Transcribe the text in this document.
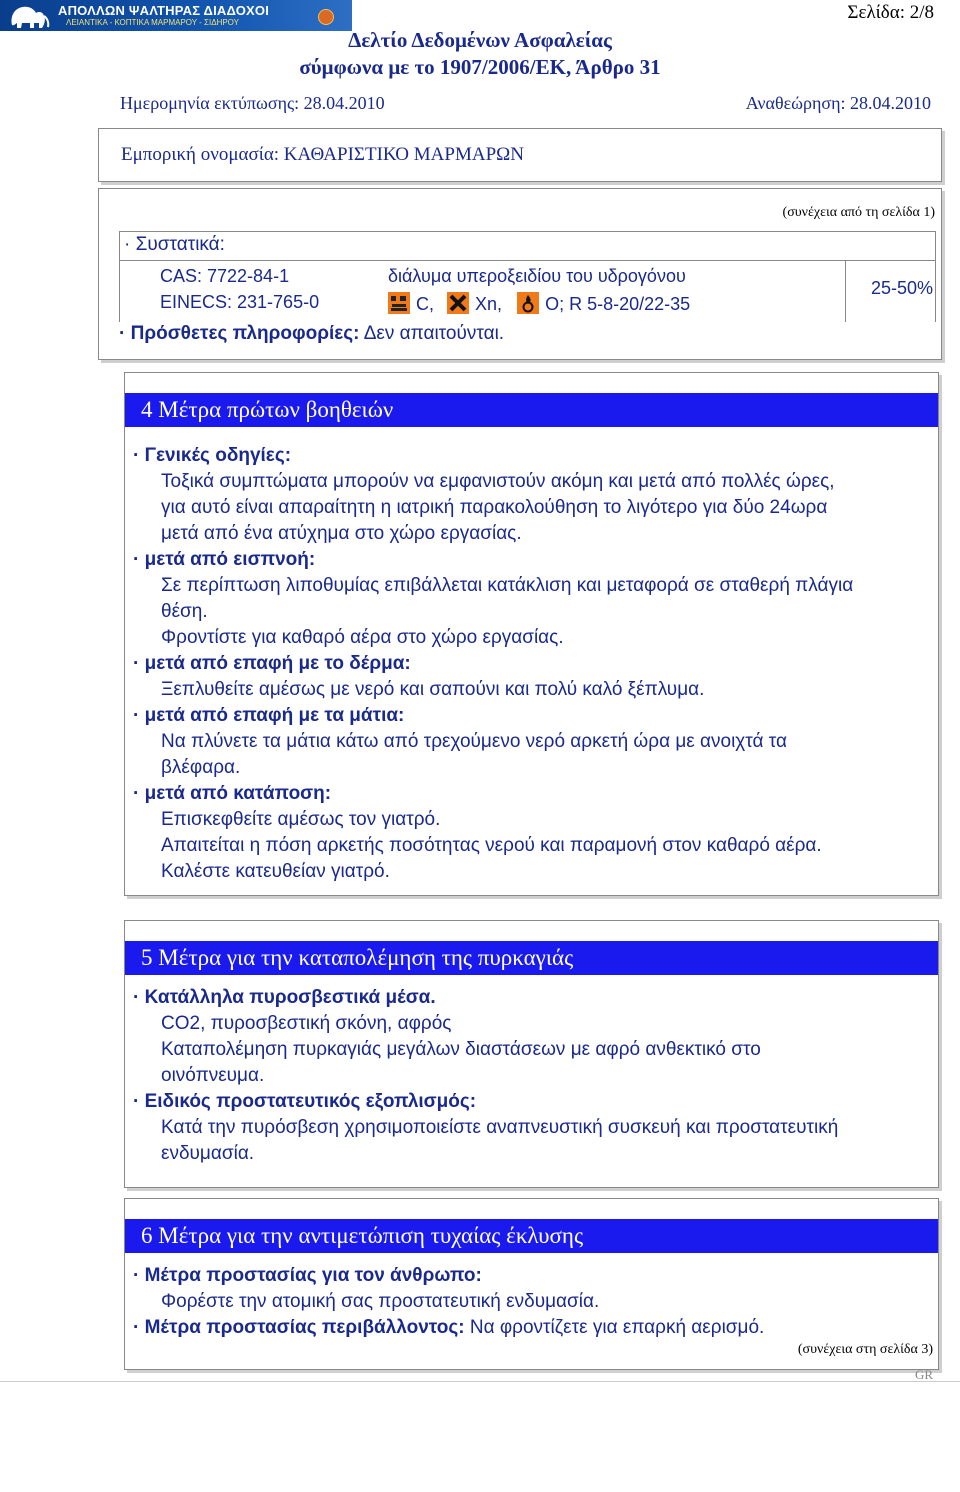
ΑΠΟΛΛΩΝ ΨΑΛΤΗΡΑΣ ΔΙΑΔΟΧΟΙ
ΛΕΙΑΝΤΙΚΑ - ΚΟΠΤΙΚΑ ΜΑΡΜΑΡΟΥ - ΣΙΔΗΡΟΥ	Σελίδα: 2/8
Δελτίο Δεδομένων Ασφαλείας
σύμφωνα με το 1907/2006/ΕΚ, Άρθρο 31
Ημερομηνία εκτύπωσης: 28.04.2010	Αναθεώρηση: 28.04.2010
Εμπορική ονομασία: ΚΑΘΑΡΙΣΤΙΚΟ ΜΑΡΜΑΡΩΝ
(συνέχεια από τη σελίδα 1)
· Συστατικά:
CAS: 7722-84-1
EINECS: 231-765-0
διάλυμα υπεροξειδίου του υδρογόνου
C, Xn, O; R 5-8-20/22-35
25-50%
· Πρόσθετες πληροφορίες: Δεν απαιτούνται.
4 Μέτρα πρώτων βοηθειών
· Γενικές οδηγίες:
Τοξικά συμπτώματα μπορούν να εμφανιστούν ακόμη και μετά από πολλές ώρες,
για αυτό είναι απαραίτητη η ιατρική παρακολούθηση το λιγότερο για δύο 24ωρα
μετά από ένα ατύχημα στο χώρο εργασίας.
· μετά από εισπνοή:
Σε περίπτωση λιποθυμίας επιβάλλεται κατάκλιση και μεταφορά σε σταθερή πλάγια
θέση.
Φροντίστε για καθαρό αέρα στο χώρο εργασίας.
· μετά από επαφή με το δέρμα:
Ξεπλυθείτε αμέσως με νερό και σαπούνι και πολύ καλό ξέπλυμα.
· μετά από επαφή με τα μάτια:
Να πλύνετε τα μάτια κάτω από τρεχούμενο νερό αρκετή ώρα με ανοιχτά τα
βλέφαρα.
· μετά από κατάποση:
Επισκεφθείτε αμέσως τον γιατρό.
Απαιτείται η πόση αρκετής ποσότητας νερού και παραμονή στον καθαρό αέρα.
Καλέστε κατευθείαν γιατρό.
5 Μέτρα για την καταπολέμηση της πυρκαγιάς
· Κατάλληλα πυροσβεστικά μέσα.
CO2, πυροσβεστική σκόνη, αφρός
Καταπολέμηση πυρκαγιάς μεγάλων διαστάσεων με αφρό ανθεκτικό στο
οινόπνευμα.
· Ειδικός προστατευτικός εξοπλισμός:
Κατά την πυρόσβεση χρησιμοποιείστε αναπνευστική συσκευή και προστατευτική
ενδυμασία.
6 Μέτρα για την αντιμετώπιση τυχαίας έκλυσης
· Μέτρα προστασίας για τον άνθρωπο:
Φορέστε την ατομική σας προστατευτική ενδυμασία.
· Μέτρα προστασίας περιβάλλοντος: Να φροντίζετε για επαρκή αερισμό.
(συνέχεια στη σελίδα 3)
GR
